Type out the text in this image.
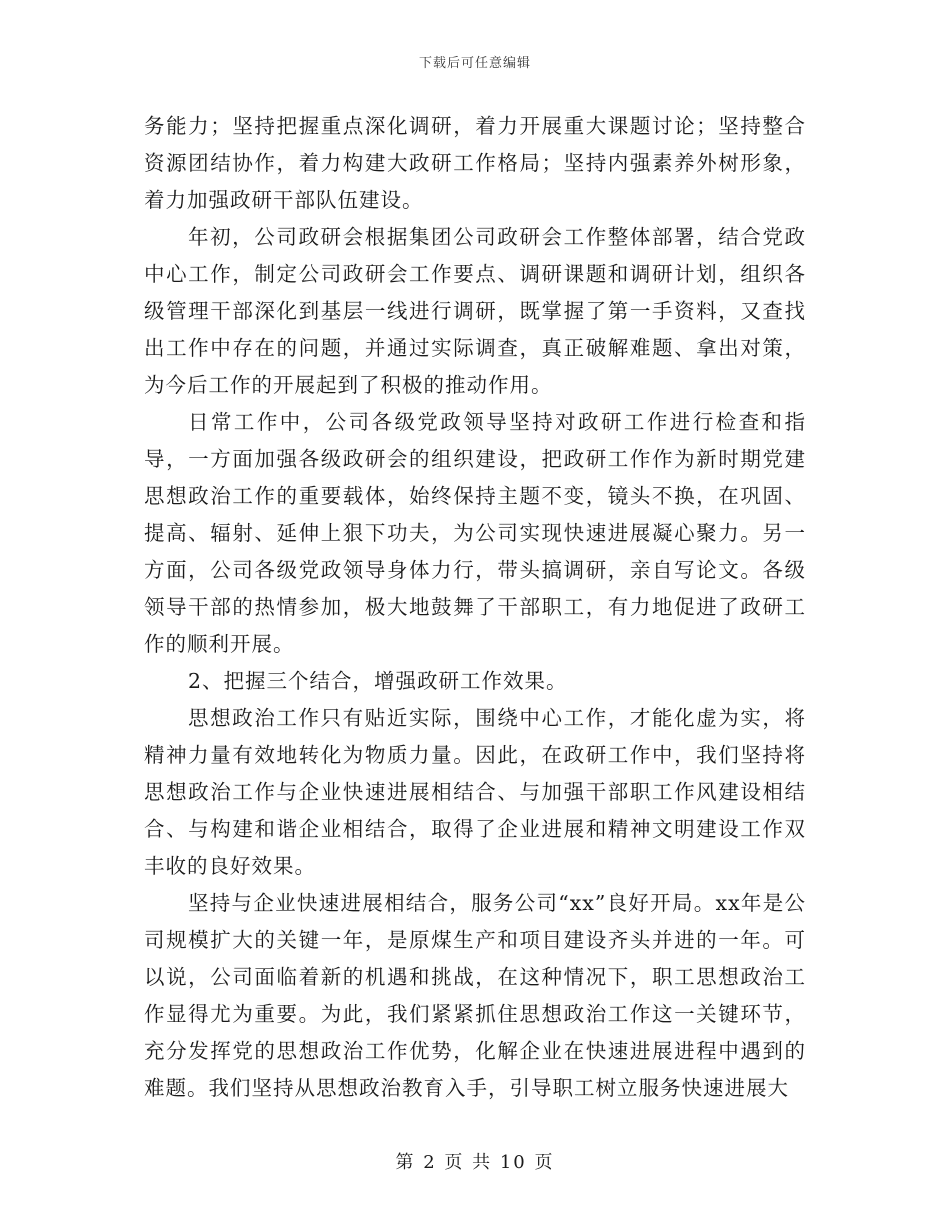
下载后可任意编辑

务能力；坚持把握重点深化调研，着力开展重大课题讨论；坚持整合资源团结协作，着力构建大政研工作格局；坚持内强素养外树形象，着力加强政研干部队伍建设。

年初，公司政研会根据集团公司政研会工作整体部署，结合党政中心工作，制定公司政研会工作要点、调研课题和调研计划，组织各级管理干部深化到基层一线进行调研，既掌握了第一手资料，又查找出工作中存在的问题，并通过实际调查，真正破解难题、拿出对策，为今后工作的开展起到了积极的推动作用。

日常工作中，公司各级党政领导坚持对政研工作进行检查和指导，一方面加强各级政研会的组织建设，把政研工作作为新时期党建思想政治工作的重要载体，始终保持主题不变，镜头不换，在巩固、提高、辐射、延伸上狠下功夫，为公司实现快速进展凝心聚力。另一方面，公司各级党政领导身体力行，带头搞调研，亲自写论文。各级领导干部的热情参加，极大地鼓舞了干部职工，有力地促进了政研工作的顺利开展。

2、把握三个结合，增强政研工作效果。

思想政治工作只有贴近实际，围绕中心工作，才能化虚为实，将精神力量有效地转化为物质力量。因此，在政研工作中，我们坚持将思想政治工作与企业快速进展相结合、与加强干部职工作风建设相结合、与构建和谐企业相结合，取得了企业进展和精神文明建设工作双丰收的良好效果。

坚持与企业快速进展相结合，服务公司“xx”良好开局。xx年是公司规模扩大的关键一年，是原煤生产和项目建设齐头并进的一年。可以说，公司面临着新的机遇和挑战，在这种情况下，职工思想政治工作显得尤为重要。为此，我们紧紧抓住思想政治工作这一关键环节，充分发挥党的思想政治工作优势，化解企业在快速进展进程中遇到的难题。我们坚持从思想政治教育入手，引导职工树立服务快速进展大

第 2 页 共 10 页
